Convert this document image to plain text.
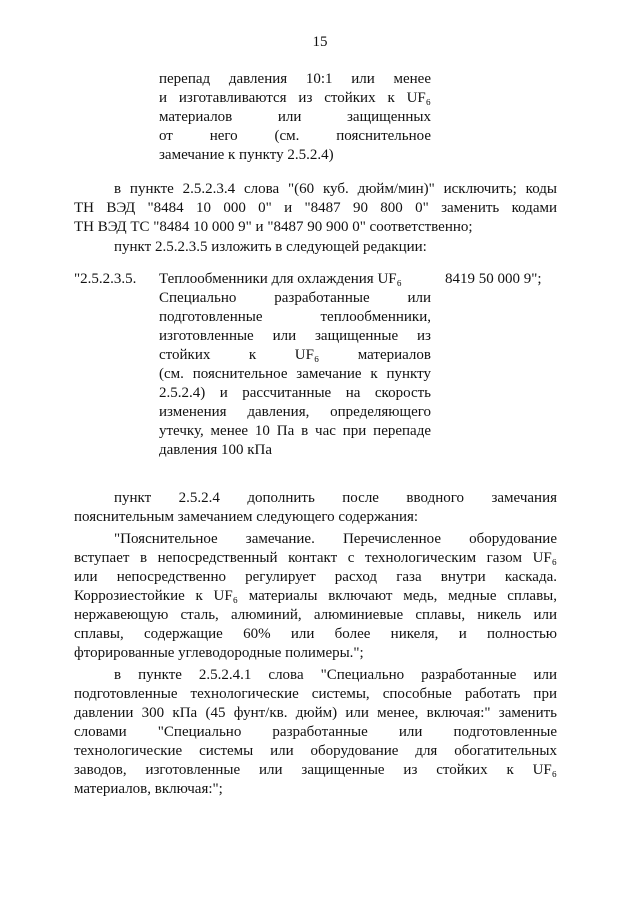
15
перепад давления 10:1 или менее
и изготавливаются из стойких к UF₆
материалов или защищенных
от него (см. пояснительное
замечание к пункту 2.5.2.4)
в пункте 2.5.2.3.4 слова "(60 куб. дюйм/мин)" исключить; коды
ТН ВЭД "8484 10 000 0" и "8487 90 800 0" заменить кодами
ТН ВЭД ТС "8484 10 000 9" и "8487 90 900 0" соответственно;
пункт 2.5.2.3.5 изложить в следующей редакции:
"2.5.2.3.5.	8419 50 000 9";
Теплообменники для охлаждения UF₆
Специально разработанные или
подготовленные теплообменники,
изготовленные или защищенные из
стойких к UF₆ материалов
(см. пояснительное замечание к пункту
2.5.2.4) и рассчитанные на скорость
изменения давления, определяющего
утечку, менее 10 Па в час при перепаде
давления 100 кПа
пункт 2.5.2.4 дополнить после вводного замечания
пояснительным замечанием следующего содержания:
"Пояснительное замечание. Перечисленное оборудование
вступает в непосредственный контакт с технологическим газом UF₆
или непосредственно регулирует расход газа внутри каскада.
Коррозиестойкие к UF₆ материалы включают медь, медные сплавы,
нержавеющую сталь, алюминий, алюминиевые сплавы, никель или
сплавы, содержащие 60% или более никеля, и полностью
фторированные углеводородные полимеры.";
в пункте 2.5.2.4.1 слова "Специально разработанные или
подготовленные технологические системы, способные работать при
давлении 300 кПа (45 фунт/кв. дюйм) или менее, включая:" заменить
словами "Специально разработанные или подготовленные
технологические системы или оборудование для обогатительных
заводов, изготовленные или защищенные из стойких к UF₆
материалов, включая:";
